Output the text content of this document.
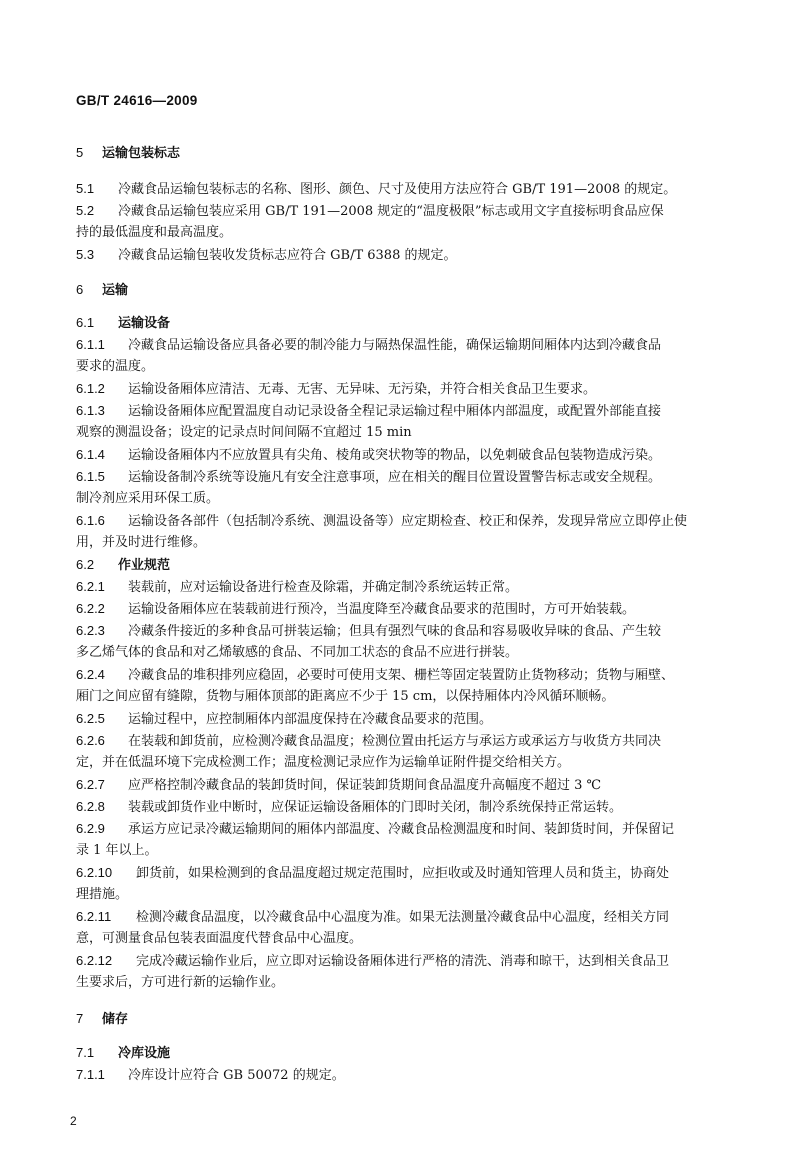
GB/T 24616—2009
5 运输包装标志
5.1 冷藏食品运输包装标志的名称、图形、颜色、尺寸及使用方法应符合 GB/T 191—2008 的规定。
5.2 冷藏食品运输包装应采用 GB/T 191—2008 规定的“温度极限”标志或用文字直接标明食品应保
持的最低温度和最高温度。
5.3 冷藏食品运输包装收发货标志应符合 GB/T 6388 的规定。
6 运输
6.1 运输设备
6.1.1 冷藏食品运输设备应具备必要的制冷能力与隔热保温性能，确保运输期间厢体内达到冷藏食品
要求的温度。
6.1.2 运输设备厢体应清洁、无毒、无害、无异味、无污染，并符合相关食品卫生要求。
6.1.3 运输设备厢体应配置温度自动记录设备全程记录运输过程中厢体内部温度，或配置外部能直接
观察的测温设备；设定的记录点时间间隔不宜超过 15 min
6.1.4 运输设备厢体内不应放置具有尖角、棱角或突状物等的物品，以免刺破食品包装物造成污染。
6.1.5 运输设备制冷系统等设施凡有安全注意事项，应在相关的醒目位置设置警告标志或安全规程。
制冷剂应采用环保工质。
6.1.6 运输设备各部件（包括制冷系统、测温设备等）应定期检查、校正和保养，发现异常应立即停止使
用，并及时进行维修。
6.2 作业规范
6.2.1 装载前，应对运输设备进行检查及除霜，并确定制冷系统运转正常。
6.2.2 运输设备厢体应在装载前进行预冷，当温度降至冷藏食品要求的范围时，方可开始装载。
6.2.3 冷藏条件接近的多种食品可拼装运输；但具有强烈气味的食品和容易吸收异味的食品、产生较
多乙烯气体的食品和对乙烯敏感的食品、不同加工状态的食品不应进行拼装。
6.2.4 冷藏食品的堆积排列应稳固，必要时可使用支架、栅栏等固定装置防止货物移动；货物与厢壁、
厢门之间应留有缝隙，货物与厢体顶部的距离应不少于 15 cm，以保持厢体内冷风循环顺畅。
6.2.5 运输过程中，应控制厢体内部温度保持在冷藏食品要求的范围。
6.2.6 在装载和卸货前，应检测冷藏食品温度；检测位置由托运方与承运方或承运方与收货方共同决
定，并在低温环境下完成检测工作；温度检测记录应作为运输单证附件提交给相关方。
6.2.7 应严格控制冷藏食品的装卸货时间，保证装卸货期间食品温度升高幅度不超过 3 ℃
6.2.8 装载或卸货作业中断时，应保证运输设备厢体的门即时关闭，制冷系统保持正常运转。
6.2.9 承运方应记录冷藏运输期间的厢体内部温度、冷藏食品检测温度和时间、装卸货时间，并保留记
录 1 年以上。
6.2.10 卸货前，如果检测到的食品温度超过规定范围时，应拒收或及时通知管理人员和货主，协商处
理措施。
6.2.11 检测冷藏食品温度，以冷藏食品中心温度为准。如果无法测量冷藏食品中心温度，经相关方同
意，可测量食品包装表面温度代替食品中心温度。
6.2.12 完成冷藏运输作业后，应立即对运输设备厢体进行严格的清洗、消毒和晾干，达到相关食品卫
生要求后，方可进行新的运输作业。
7 储存
7.1 冷库设施
7.1.1 冷库设计应符合 GB 50072 的规定。
2
